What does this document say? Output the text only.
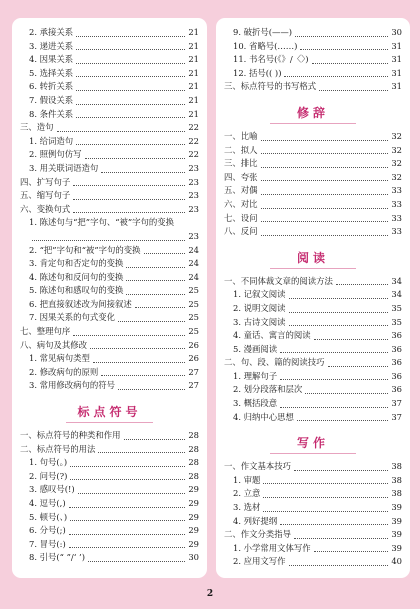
2. 承接关系	21
3. 递进关系	21
4. 因果关系	21
5. 选择关系	21
6. 转折关系	21
7. 假设关系	21
8. 条件关系	21
三、造句	22
1. 给词造句	22
2. 照例句仿写	22
3. 用关联词语造句	23
四、扩写句子	23
五、缩写句子	23
六、变换句式	23
1. 陈述句与“把”字句、“被”字句的变换
23
2. “把”字句和“被”字句的变换	24
3. 肯定句和否定句的变换	24
4. 陈述句和反问句的变换	24
5. 陈述句和感叹句的变换	25
6. 把直接叙述改为间接叙述	25
7. 因果关系的句式变化	25
七、整理句序	25
八、病句及其修改	26
1. 常见病句类型	26
2. 修改病句的原则	27
3. 常用修改病句的符号	27
标点符号
一、标点符号的种类和作用	28
二、标点符号的用法	28
1. 句号(。)	28
2. 问号(?)	28
3. 感叹号(!)	29
4. 逗号(,)	29
5. 顿号(、)	29
6. 分号(;)	29
7. 冒号(:)	29
8. 引号(“ ”/‘ ’)	30
9. 破折号(——)	30
10. 省略号(……)	31
11. 书名号(《》/〈〉)	31
12. 括号(( ))	31
三、标点符号的书写格式	31
修辞
一、比喻	32
二、拟人	32
三、排比	32
四、夸张	32
五、对偶	33
六、对比	33
七、设问	33
八、反问	33
阅读
一、不同体裁文章的阅读方法	34
1. 记叙文阅读	34
2. 说明文阅读	35
3. 古诗文阅读	35
4. 童话、寓言的阅读	36
5. 漫画阅读	36
二、句、段、篇的阅读技巧	36
1. 理解句子	36
2. 划分段落和层次	36
3. 概括段意	37
4. 归纳中心思想	37
写作
一、作文基本技巧	38
1. 审题	38
2. 立意	38
3. 选材	39
4. 列好提纲	39
二、作文分类指导	39
1. 小学常用文体写作	39
2. 应用文写作	40
2
